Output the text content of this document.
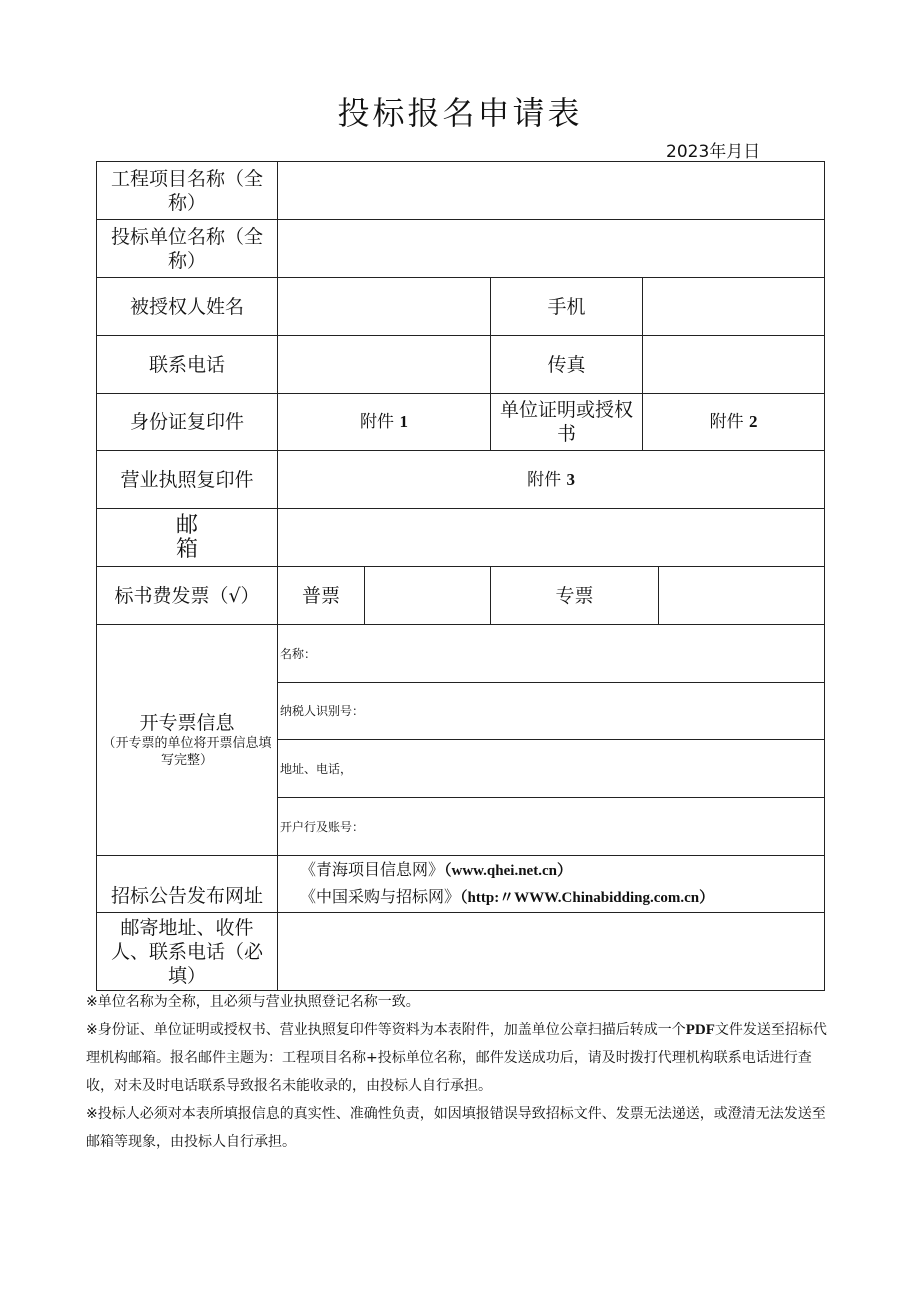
投标报名申请表
2023年月日
工程项目名称（全称）					
投标单位名称（全称）					
被授权人姓名			手机		
联系电话			传真		
身份证复印件	附件 1		单位证明或授权书	附件 2	
营业执照复印件	附件 3				
邮箱					
标书费发票（√）	普票		专票		

开专票信息
（开专票的单位将开票信息填写完整）	名称：				
	纳税人识别号：				
	地址、电话，				
	开户行及账号：				
招标公告发布网址	《青海项目信息网》（www.qhei.net.cn）
《中国采购与招标网》（http:〃WWW.Chinabidding.com.cn）				

邮寄地址、收件人、联系电话（必填）					

※单位名称为全称，且必须与营业执照登记名称一致。

※身份证、单位证明或授权书、营业执照复印件等资料为本表附件，加盖单位公章扫描后转成一个PDF文件发送至招标代理机构邮箱。报名邮件主题为：工程项目名称+投标单位名称，邮件发送成功后，请及时拨打代理机构联系电话进行查收，对未及时电话联系导致报名未能收录的，由投标人自行承担。

※投标人必须对本表所填报信息的真实性、准确性负责，如因填报错误导致招标文件、发票无法递送，或澄清无法发送至邮箱等现象，由投标人自行承担。
